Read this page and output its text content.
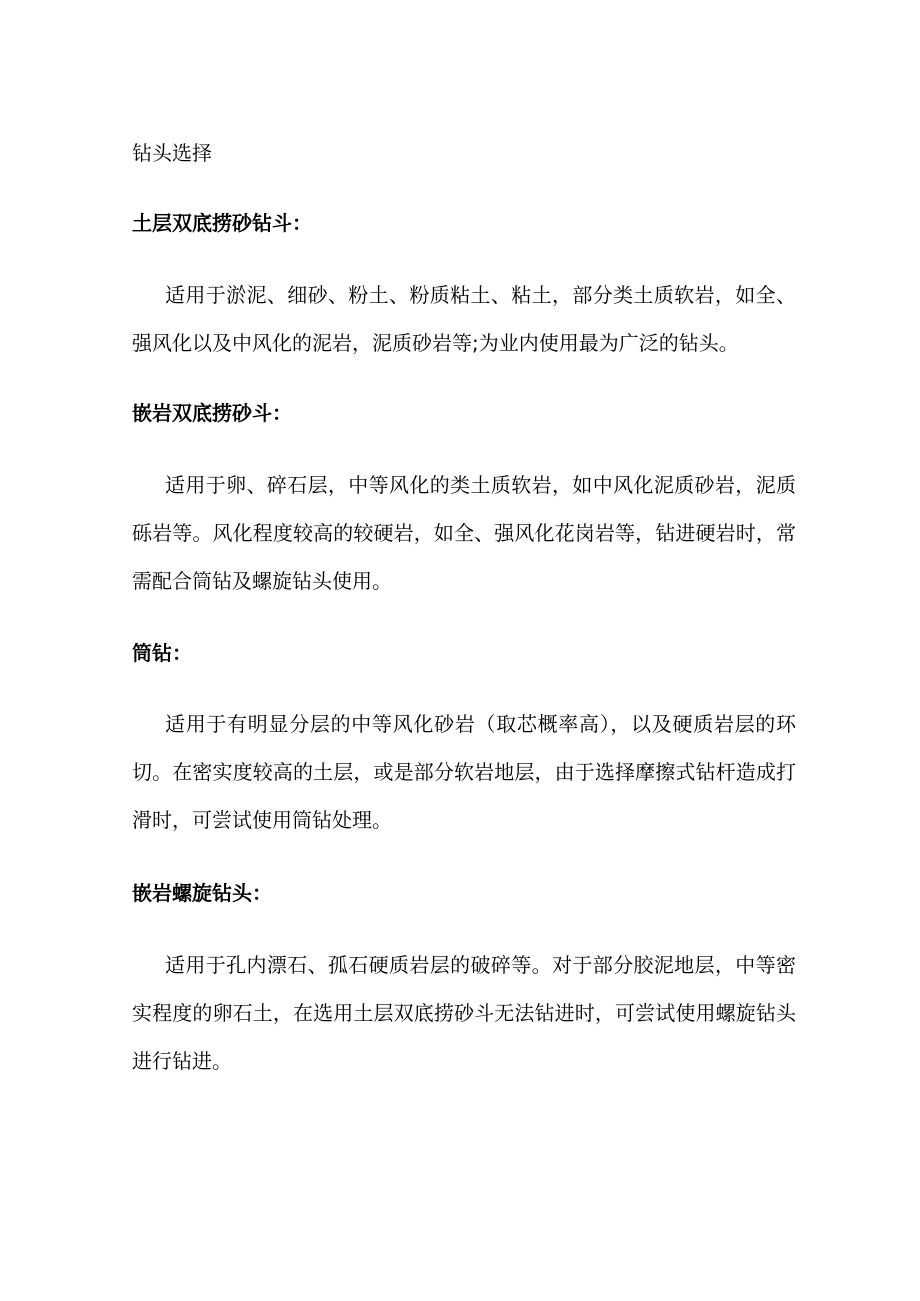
钻头选择
土层双底捞砂钻斗：

适用于淤泥、细砂、粉土、粉质粘土、粘土，部分类土质软岩，如全、强风化以及中风化的泥岩，泥质砂岩等;为业内使用最为广泛的钻头。

嵌岩双底捞砂斗：

适用于卵、碎石层，中等风化的类土质软岩，如中风化泥质砂岩，泥质砾岩等。风化程度较高的较硬岩，如全、强风化花岗岩等，钻进硬岩时，常需配合筒钻及螺旋钻头使用。

筒钻：

适用于有明显分层的中等风化砂岩（取芯概率高），以及硬质岩层的环切。在密实度较高的土层，或是部分软岩地层，由于选择摩擦式钻杆造成打滑时，可尝试使用筒钻处理。

嵌岩螺旋钻头：

适用于孔内漂石、孤石硬质岩层的破碎等。对于部分胶泥地层，中等密实程度的卵石土，在选用土层双底捞砂斗无法钻进时，可尝试使用螺旋钻头进行钻进。
